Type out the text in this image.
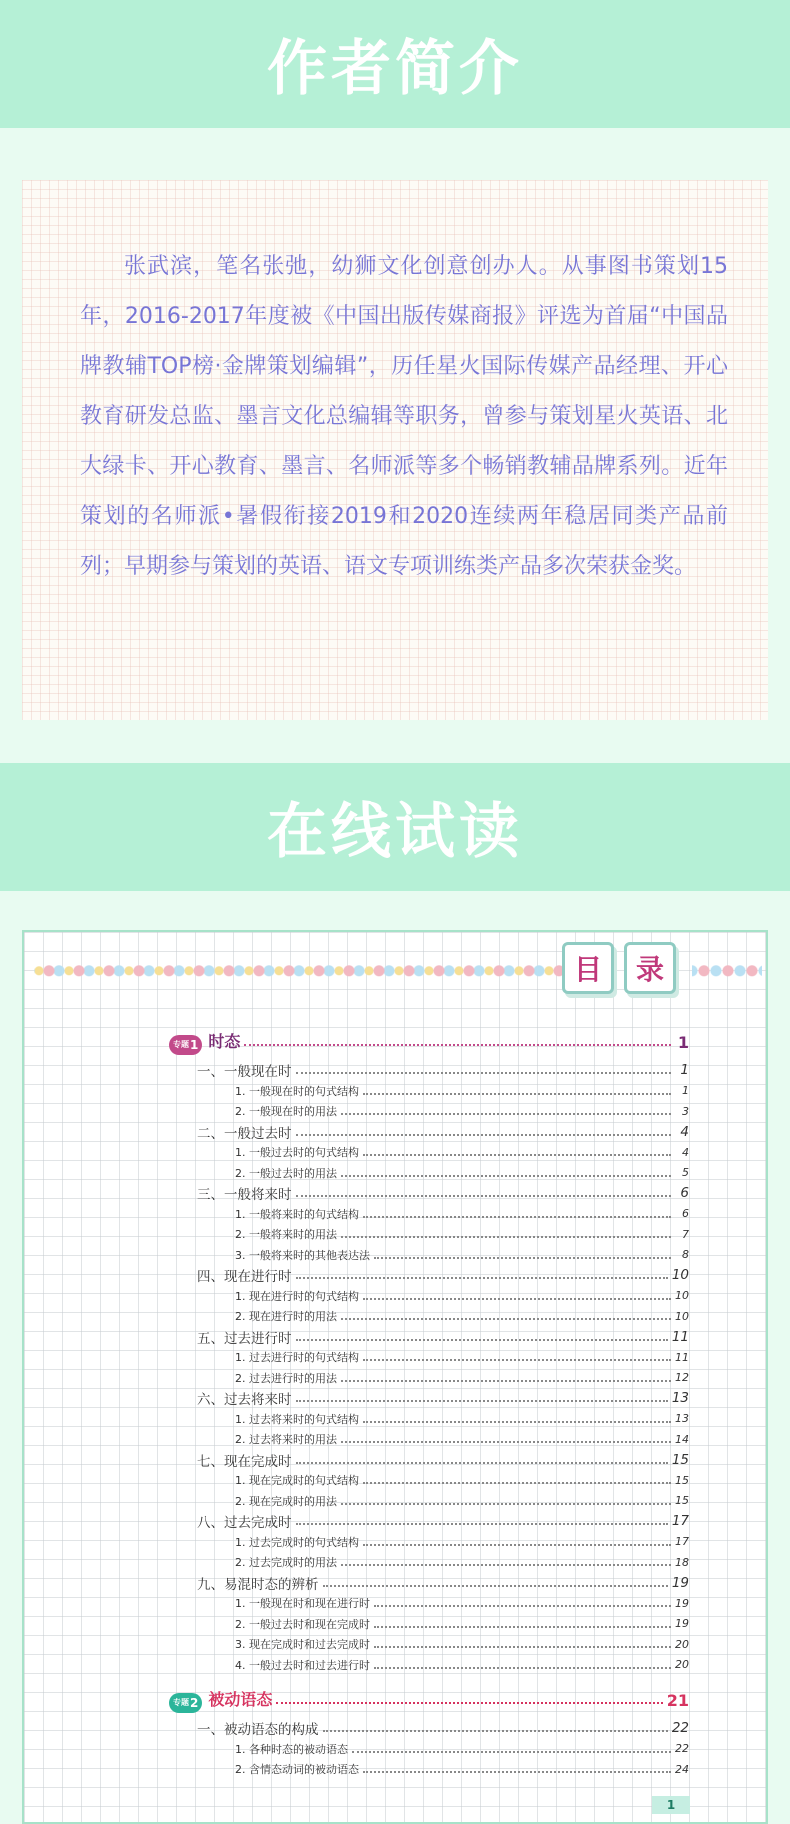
作者简介

张武滨，笔名张弛，幼狮文化创意创办人。从事图书策划15年，2016-2017年度被《中国出版传媒商报》评选为首届“中国品牌教辅TOP榜·金牌策划编辑”，历任星火国际传媒产品经理、开心教育研发总监、墨言文化总编辑等职务，曾参与策划星火英语、北大绿卡、开心教育、墨言、名师派等多个畅销教辅品牌系列。近年策划的名师派•暑假衔接2019和2020连续两年稳居同类产品前列；早期参与策划的英语、语文专项训练类产品多次荣获金奖。

在线试读
目	录
专题 1 时态	1
一、一般现在时	1
1. 一般现在时的句式结构	1
2. 一般现在时的用法	3
二、一般过去时	4
1. 一般过去时的句式结构	4
2. 一般过去时的用法	5
三、一般将来时	6
1. 一般将来时的句式结构	6
2. 一般将来时的用法	7
3. 一般将来时的其他表达法	8
四、现在进行时	10
1. 现在进行时的句式结构	10
2. 现在进行时的用法	10
五、过去进行时	11
1. 过去进行时的句式结构	11
2. 过去进行时的用法	12
六、过去将来时	13
1. 过去将来时的句式结构	13
2. 过去将来时的用法	14
七、现在完成时	15
1. 现在完成时的句式结构	15
2. 现在完成时的用法	15
八、过去完成时	17
1. 过去完成时的句式结构	17
2. 过去完成时的用法	18
九、易混时态的辨析	19
1. 一般现在时和现在进行时	19
2. 一般过去时和现在完成时	19
3. 现在完成时和过去完成时	20
4. 一般过去时和过去进行时	20
专题 2 被动语态	21
一、被动语态的构成	22
1. 各种时态的被动语态	22
2. 含情态动词的被动语态	24
1
